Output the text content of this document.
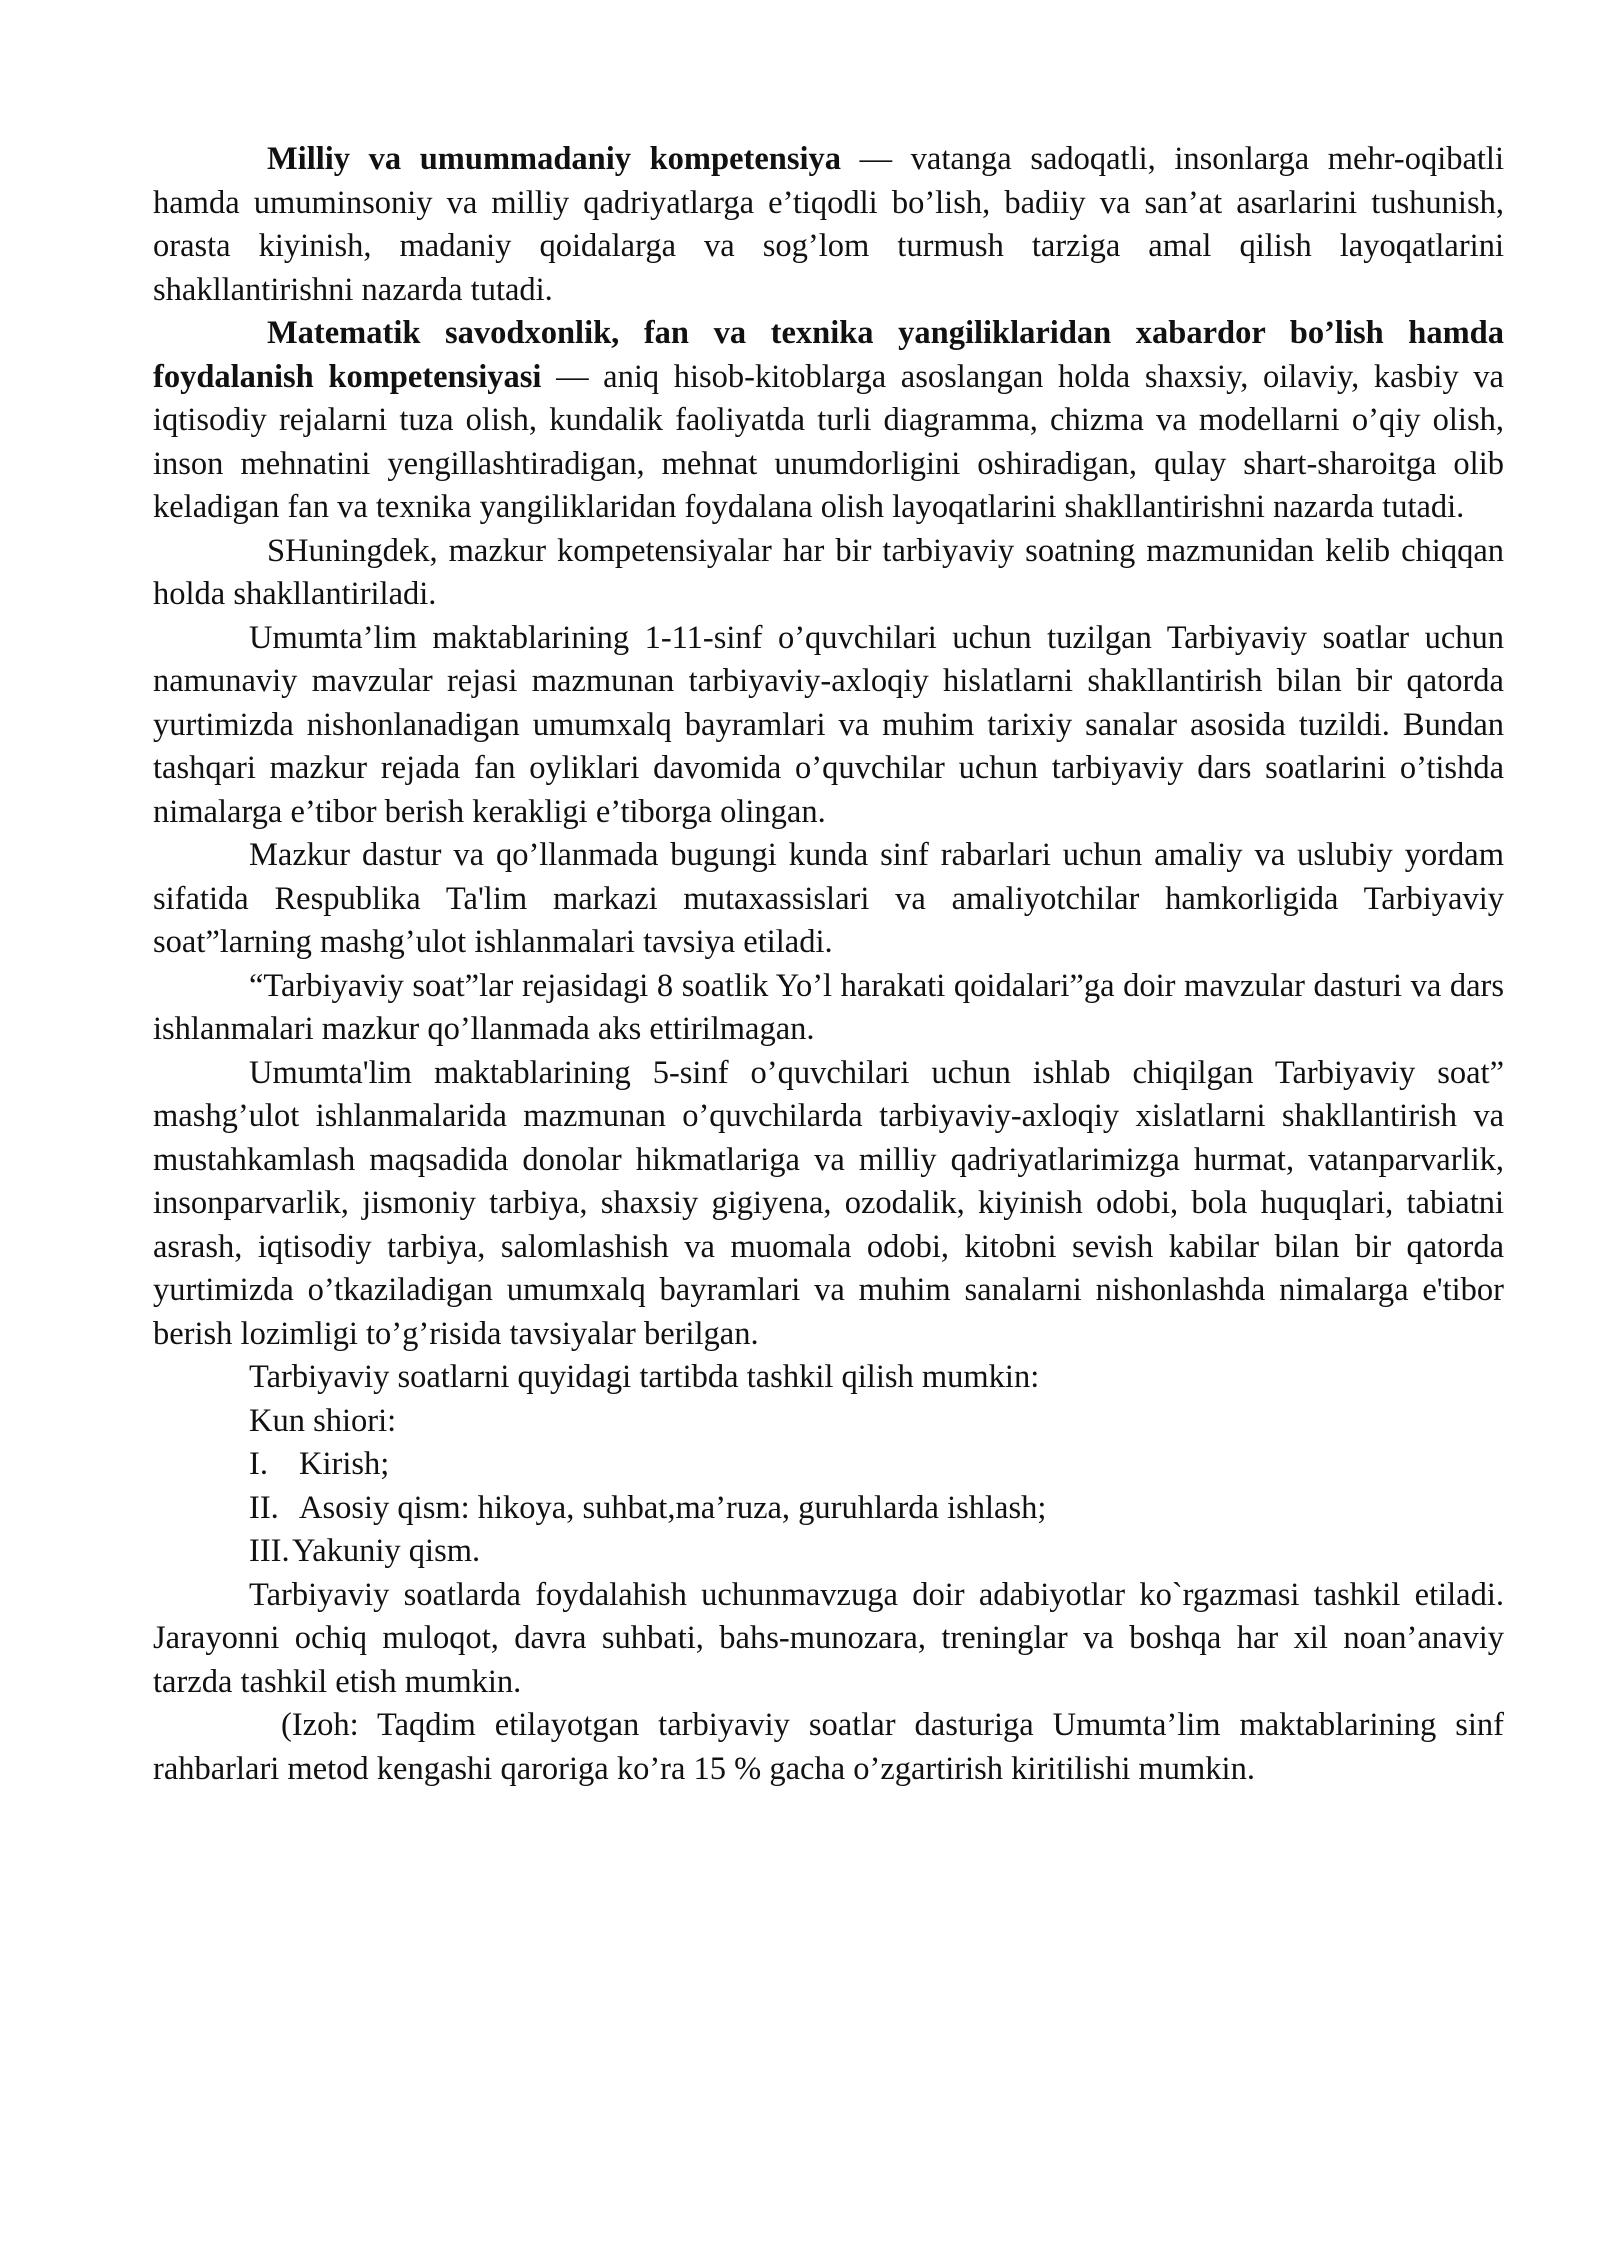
Milliy va umummadaniy kompetensiya — vatanga sadoqatli, insonlarga mehr-oqibatli hamda umuminsoniy va milliy qadriyatlarga e’tiqodli bo’lish, badiiy va san’at asarlarini tushunish, orasta kiyinish, madaniy qoidalarga va sog’lom turmush tarziga amal qilish layoqatlarini shakllantirishni nazarda tutadi.

Matematik savodxonlik, fan va texnika yangiliklaridan xabardor bo’lish hamda foydalanish kompetensiyasi — aniq hisob-kitoblarga asoslangan holda shaxsiy, oilaviy, kasbiy va iqtisodiy rejalarni tuza olish, kundalik faoliyatda turli diagramma, chizma va modellarni o’qiy olish, inson mehnatini yengillashtiradigan, mehnat unumdorligini oshiradigan, qulay shart-sharoitga olib keladigan fan va texnika yangiliklaridan foydalana olish layoqatlarini shakllantirishni nazarda tutadi.

SHuningdek, mazkur kompetensiyalar har bir tarbiyaviy soatning mazmunidan kelib chiqqan holda shakllantiriladi.

Umumta’lim maktablarining 1-11-sinf o’quvchilari uchun tuzilgan Tarbiyaviy soatlar uchun namunaviy mavzular rejasi mazmunan tarbiyaviy-axloqiy hislatlarni shakllantirish bilan bir qatorda yurtimizda nishonlanadigan umumxalq bayramlari va muhim tarixiy sanalar asosida tuzildi. Bundan tashqari mazkur rejada fan oyliklari davomida o’quvchilar uchun tarbiyaviy dars soatlarini o’tishda nimalarga e’tibor berish kerakligi e’tiborga olingan.

Mazkur dastur va qo’llanmada bugungi kunda sinf rabarlari uchun amaliy va uslubiy yordam sifatida Respublika Ta'lim markazi mutaxassislari va amaliyotchilar hamkorligida Tarbiyaviy soat”larning mashg’ulot ishlanmalari tavsiya etiladi.

“Tarbiyaviy soat”lar rejasidagi 8 soatlik Yo’l harakati qoidalari”ga doir mavzular dasturi va dars ishlanmalari mazkur qo’llanmada aks ettirilmagan.

Umumta'lim maktablarining 5-sinf o’quvchilari uchun ishlab chiqilgan Tarbiyaviy soat” mashg’ulot ishlanmalarida mazmunan o’quvchilarda tarbiyaviy-axloqiy xislatlarni shakllantirish va mustahkamlash maqsadida donolar hikmatlariga va milliy qadriyatlarimizga hurmat, vatanparvarlik, insonparvarlik, jismoniy tarbiya, shaxsiy gigiyena, ozodalik, kiyinish odobi, bola huquqlari, tabiatni asrash, iqtisodiy tarbiya, salomlashish va muomala odobi, kitobni sevish kabilar bilan bir qatorda yurtimizda o’tkaziladigan umumxalq bayramlari va muhim sanalarni nishonlashda nimalarga e'tibor berish lozimligi to’g’risida tavsiyalar berilgan.

Tarbiyaviy soatlarni quyidagi tartibda tashkil qilish mumkin:

Kun shiori:

I. Kirish;
II. Asosiy qism: hikoya, suhbat,ma’ruza, guruhlarda ishlash;
III. Yakuniy qism.

Tarbiyaviy soatlarda foydalahish uchunmavzuga doir adabiyotlar ko`rgazmasi tashkil etiladi. Jarayonni ochiq muloqot, davra suhbati, bahs-munozara, treninglar va boshqa har xil noan’anaviy tarzda tashkil etish mumkin.

(Izoh: Taqdim etilayotgan tarbiyaviy soatlar dasturiga Umumta’lim maktablarining sinf rahbarlari metod kengashi qaroriga ko’ra 15 % gacha o’zgartirish kiritilishi mumkin.
